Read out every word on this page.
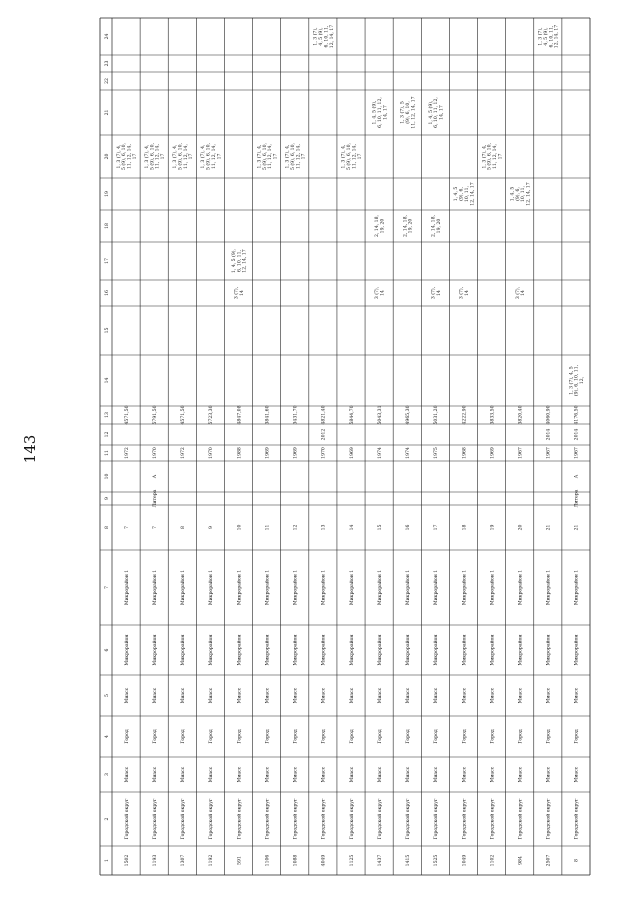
143
1
2
3
4
5
6
7
8
9
10
11
12
13
14
15
16
17
18
19
20
21
22
23
24
1502
Городской округ
Миасс
Город
Миасс
Микрорайон
Микрорайон 1
7
1972
4571,50
1, 3 (7), 4,5 (9), 6, 10,11, 12, 14,17
1193
Городской округ
Миасс
Город
Миасс
Микрорайон
Микрорайон 1
7
Литера
А
1970
5791,50
1, 3 (7), 4,5 (9), 6, 10,11, 12, 14,17
1307
Городской округ
Миасс
Город
Миасс
Микрорайон
Микрорайон 1
8
1972
4571,50
1, 3 (7), 4,5 (9), 6, 10,11, 12, 14,17
1192
Городской округ
Миасс
Город
Миасс
Микрорайон
Микрорайон 1
9
1970
5723,30
1, 3 (7), 4,5 (9), 6, 10,11, 12, 14,17
591
Городской округ
Миасс
Город
Миасс
Микрорайон
Микрорайон 1
10
1988
4847,08
3 (7),14
1, 4, 5 (9),6, 10, 11,12, 14, 17
1106
Городской округ
Миасс
Город
Миасс
Микрорайон
Микрорайон 1
11
1969
3841,60
1, 3 (7), 4,5 (9), 6, 10,11, 12, 14,17
1088
Городской округ
Миасс
Город
Миасс
Микрорайон
Микрорайон 1
12
1969
3431,70
1, 3 (7), 4,5 (9), 6, 10,11, 12, 14,17
4049
Городской округ
Миасс
Город
Миасс
Микрорайон
Микрорайон 1
13
1970
2012
4821,40
1, 3 (7),4, 5 (9),6, 10, 11,12, 14, 17
1125
Городской округ
Миасс
Город
Миасс
Микрорайон
Микрорайон 1
14
1969
5844,70
1, 3 (7), 4,5 (9), 6, 10,11, 12, 14,17
1437
Городской округ
Миасс
Город
Миасс
Микрорайон
Микрорайон 1
15
1974
5043,31
3 (7),14
2, 14, 18,19, 20
1, 4, 5 (9),6, 10, 11, 12,14, 17
1415
Городской округ
Миасс
Город
Миасс
Микрорайон
Микрорайон 1
16
1974
4965,30
2, 14, 18,19, 20
1, 3 (7), 5(9), 6, 10,11, 12, 14, 17
1525
Городской округ
Миасс
Город
Миасс
Микрорайон
Микрорайон 1
17
1975
5031,20
3 (7),14
2, 14, 18,19, 20
1, 4, 5 (9),6, 10, 11, 12,14, 17
1049
Городской округ
Миасс
Город
Миасс
Микрорайон
Микрорайон 1
18
1968
4222,90
3 (7),14
1, 4, 5(9), 6,10, 11,12, 14, 17
1102
Городской округ
Миасс
Город
Миасс
Микрорайон
Микрорайон 1
19
1969
3833,50
1, 3 (7), 4,5 (9), 6, 10,11, 12, 14,17
984
Городской округ
Миасс
Город
Миасс
Микрорайон
Микрорайон 1
20
1967
3820,40
3 (7),14
1, 4, 5(9), 6,10, 11,12, 14, 17
2507
Городской округ
Миасс
Город
Миасс
Микрорайон
Микрорайон 1
21
1967
2014
4060,90
1, 3 (7),4, 5 (9),6, 10, 11,12, 14, 17
8
Городской округ
Миасс
Город
Миасс
Микрорайон
Микрорайон 1
21
Литера
А
1967
2014
4176,50
1, 3 (7), 4, 5(9), 6, 10, 11,12,
